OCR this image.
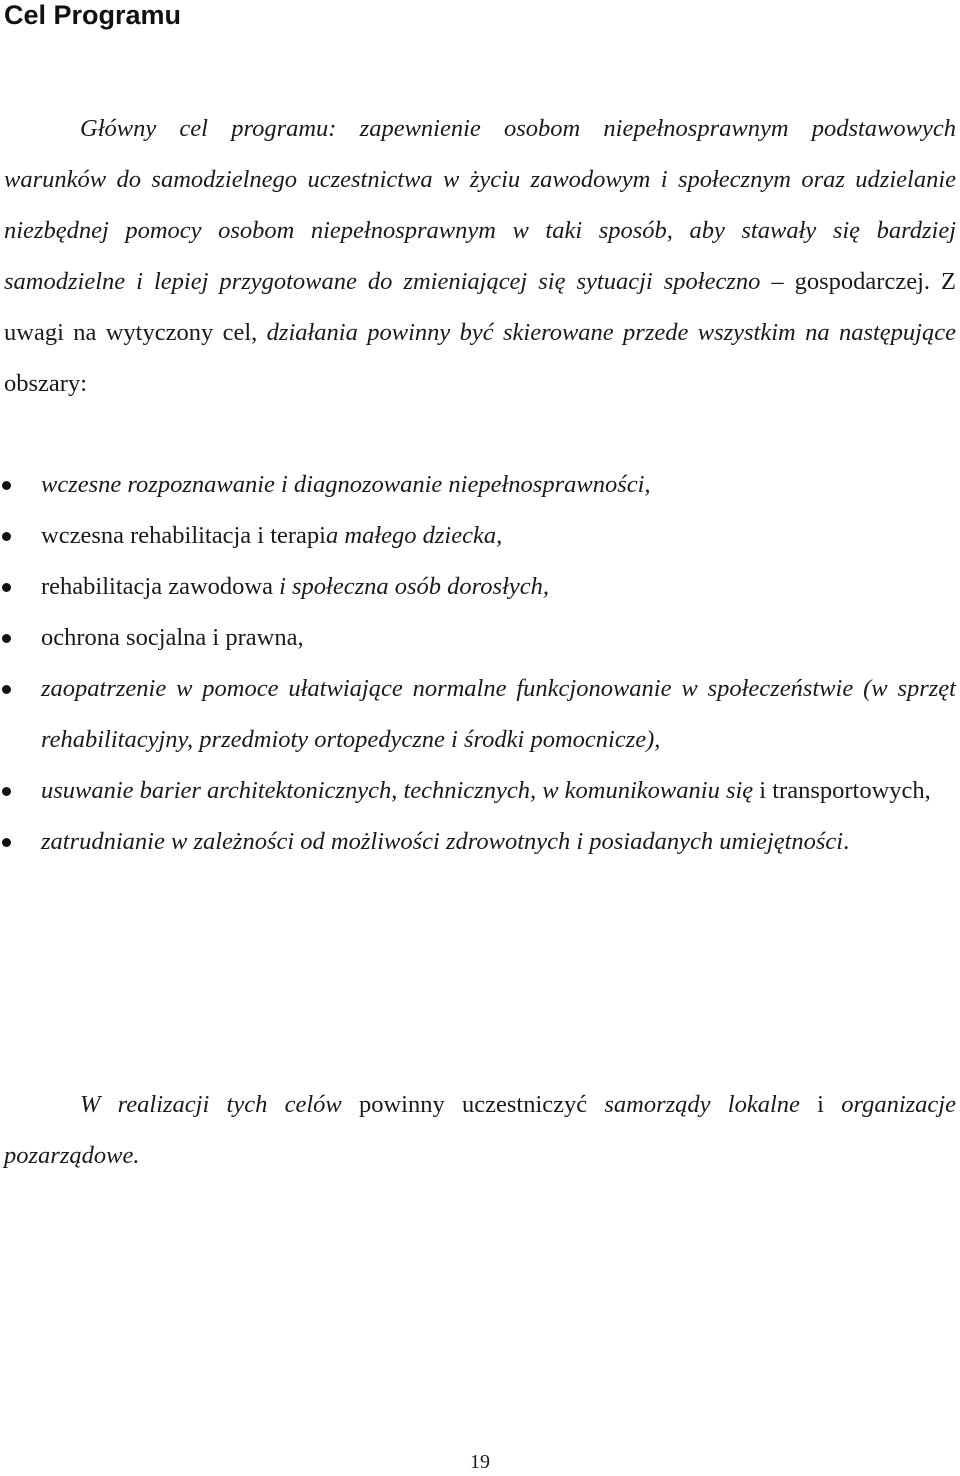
Cel Programu

Główny cel programu: zapewnienie osobom niepełnosprawnym podstawowych warunków do samodzielnego uczestnictwa w życiu zawodowym i społecznym oraz udzielanie niezbędnej pomocy osobom niepełnosprawnym w taki sposób, aby stawały się bardziej samodzielne i lepiej przygotowane do zmieniającej się sytuacji społeczno – gospodarczej. Z uwagi na wytyczony cel, działania powinny być skierowane przede wszystkim na następujące obszary:

wczesne rozpoznawanie i diagnozowanie niepełnosprawności,
wczesna rehabilitacja i terapia małego dziecka,
rehabilitacja zawodowa i społeczna osób dorosłych,
ochrona socjalna i prawna,
zaopatrzenie w pomoce ułatwiające normalne funkcjonowanie w społeczeństwie (w sprzęt rehabilitacyjny, przedmioty ortopedyczne i środki pomocnicze),
usuwanie barier architektonicznych, technicznych, w komunikowaniu się i transportowych,
zatrudnianie w zależności od możliwości zdrowotnych i posiadanych umiejętności.

W realizacji tych celów powinny uczestniczyć samorządy lokalne i organizacje pozarządowe.

19
